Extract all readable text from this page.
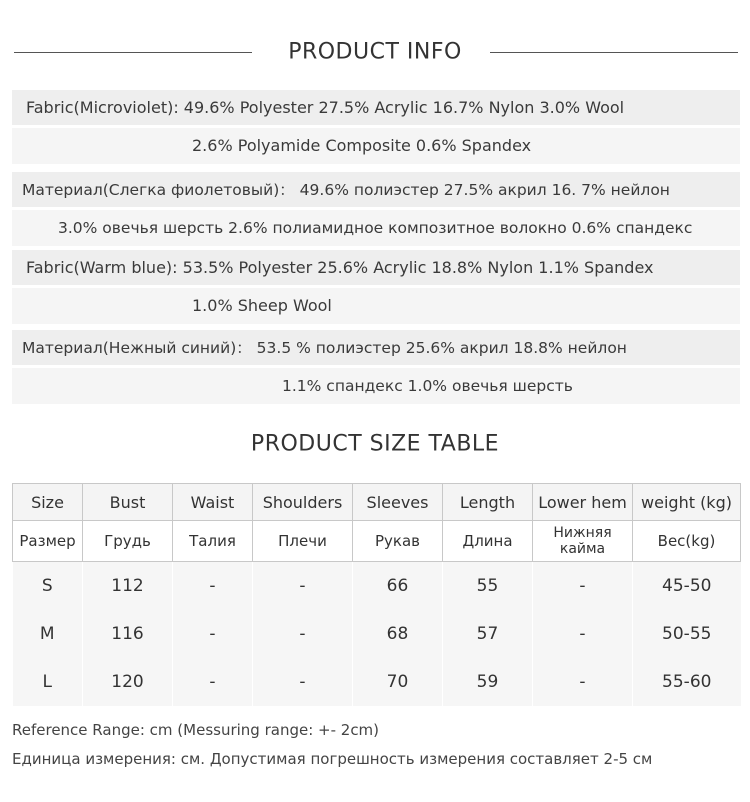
PRODUCT INFO
Fabric(Microviolet): 49.6% Polyester 27.5% Acrylic 16.7% Nylon 3.0% Wool
2.6% Polyamide Composite 0.6% Spandex
Материал(Слегка фиолетовый)： 49.6% полиэстер 27.5% акрил 16. 7% нейлон
3.0% овечья шерсть 2.6% полиамидное композитное волокно 0.6% спандекс
Fabric(Warm blue): 53.5% Polyester 25.6% Acrylic 18.8% Nylon 1.1% Spandex
1.0% Sheep Wool
Материал(Нежный синий)： 53.5 % полиэстер 25.6% акрил 18.8% нейлон
1.1% спандекс 1.0% овечья шерсть
PRODUCT SIZE TABLE
Size	Bust	Waist	Shoulders	Sleeves	Length	Lower hem	weight (kg)
Размер	Грудь	Талия	Плечи	Рукав	Длина	Нижняя кайма	Вес(kg)
S	112	-	-	66	55	-	45-50
M	116	-	-	68	57	-	50-55
L	120	-	-	70	59	-	55-60
Reference Range: cm (Messuring range: +- 2cm)
Единица измерения: см. Допустимая погрешность измерения составляет 2-5 см
